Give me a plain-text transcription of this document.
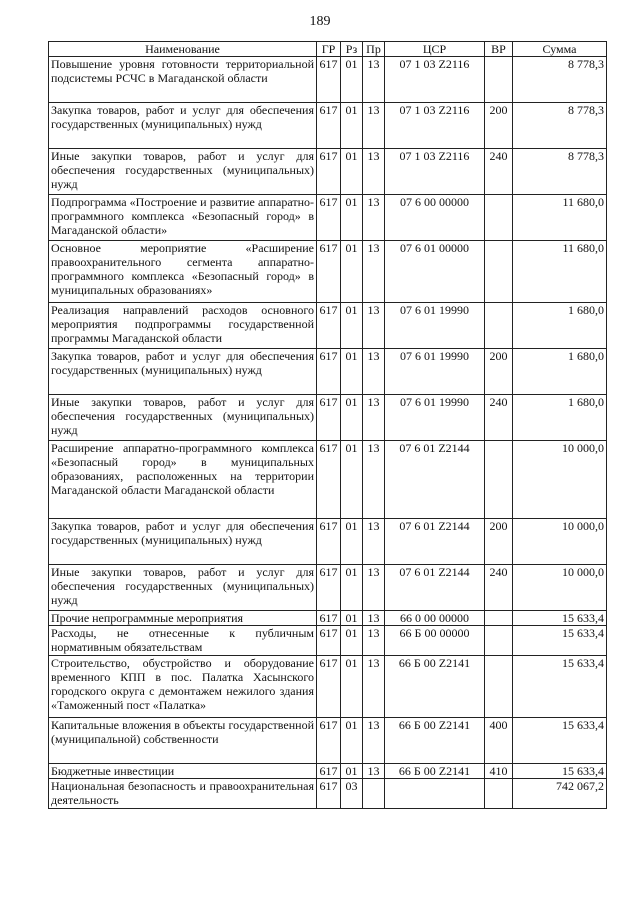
189
Наименование	ГР	Рз	Пр	ЦСР	ВР	Сумма
Повышение уровня готовности территориальной подсистемы РСЧС в Магаданской области	617	01	13	07 1 03 Z2116		8 778,3
Закупка товаров, работ и услуг для обеспечения государственных (муниципальных) нужд	617	01	13	07 1 03 Z2116	200	8 778,3
Иные закупки товаров, работ и услуг для обеспечения государственных (муниципальных) нужд	617	01	13	07 1 03 Z2116	240	8 778,3
Подпрограмма «Построение и развитие аппаратно-программного комплекса «Безопасный город» в Магаданской области»	617	01	13	07 6 00 00000		11 680,0
Основное мероприятие «Расширение правоохранительного сегмента аппаратно-программного комплекса «Безопасный город» в муниципальных образованиях»	617	01	13	07 6 01 00000		11 680,0
Реализация направлений расходов основного мероприятия подпрограммы государственной программы Магаданской области	617	01	13	07 6 01 19990		1 680,0
Закупка товаров, работ и услуг для обеспечения государственных (муниципальных) нужд	617	01	13	07 6 01 19990	200	1 680,0
Иные закупки товаров, работ и услуг для обеспечения государственных (муниципальных) нужд	617	01	13	07 6 01 19990	240	1 680,0
Расширение аппаратно-программного комплекса «Безопасный город» в муниципальных образованиях, расположенных на территории Магаданской области Магаданской области	617	01	13	07 6 01 Z2144		10 000,0
Закупка товаров, работ и услуг для обеспечения государственных (муниципальных) нужд	617	01	13	07 6 01 Z2144	200	10 000,0
Иные закупки товаров, работ и услуг для обеспечения государственных (муниципальных) нужд	617	01	13	07 6 01 Z2144	240	10 000,0
Прочие непрограммные мероприятия	617	01	13	66 0 00 00000		15 633,4
Расходы, не отнесенные к публичным нормативным обязательствам	617	01	13	66 Б 00 00000		15 633,4
Строительство, обустройство и оборудование временного КПП в пос. Палатка Хасынского городского округа с демонтажем нежилого здания «Таможенный пост «Палатка»	617	01	13	66 Б 00 Z2141		15 633,4
Капитальные вложения в объекты государственной (муниципальной) собственности	617	01	13	66 Б 00 Z2141	400	15 633,4
Бюджетные инвестиции	617	01	13	66 Б 00 Z2141	410	15 633,4
Национальная безопасность и правоохранительная деятельность	617	03				742 067,2
